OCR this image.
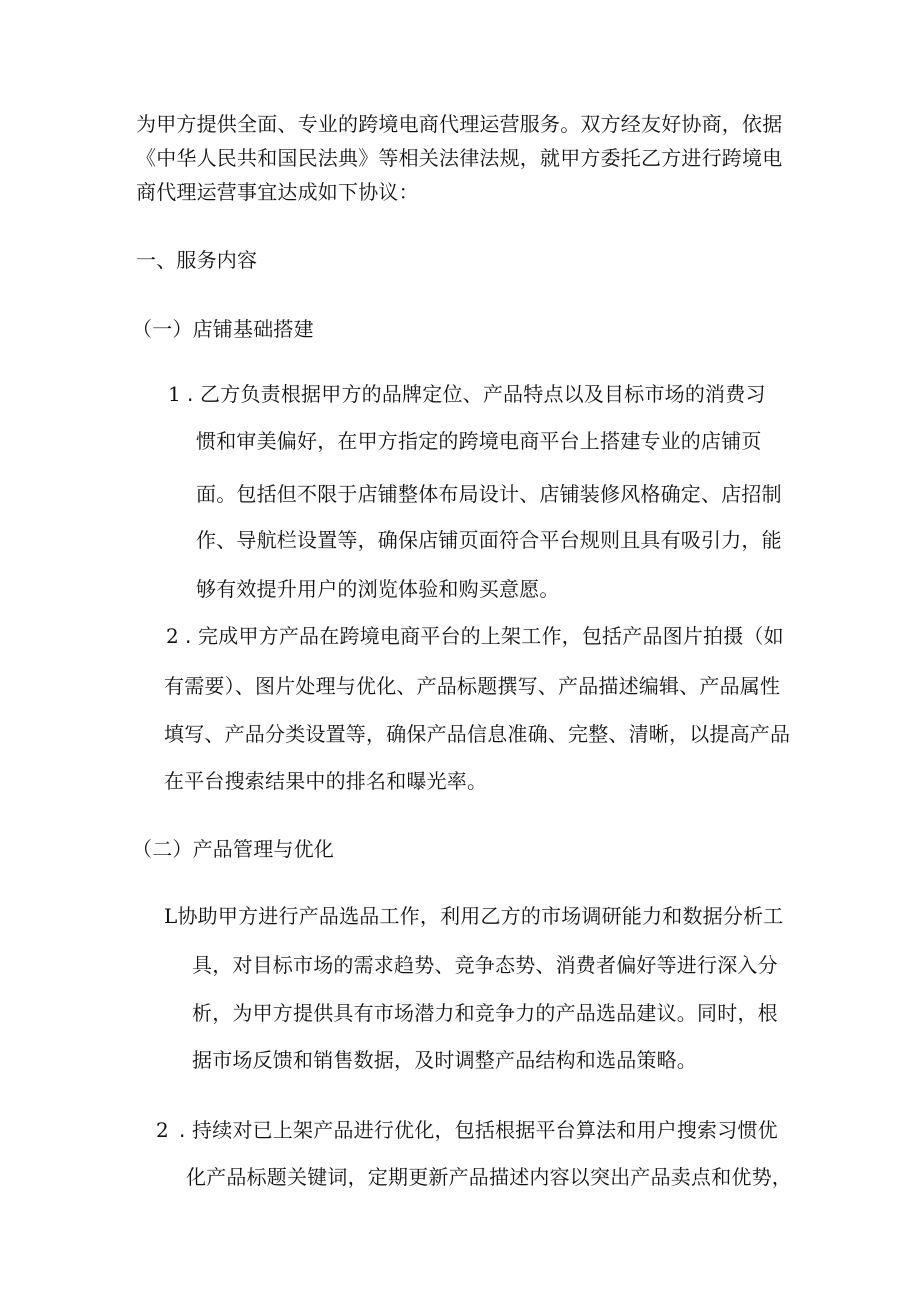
为甲方提供全面、专业的跨境电商代理运营服务。双方经友好协商，依据
《中华人民共和国民法典》等相关法律法规，就甲方委托乙方进行跨境电
商代理运营事宜达成如下协议：
一、服务内容
（一）店铺基础搭建
1 . 乙方负责根据甲方的品牌定位、产品特点以及目标市场的消费习
惯和审美偏好，在甲方指定的跨境电商平台上搭建专业的店铺页
面。包括但不限于店铺整体布局设计、店铺装修风格确定、店招制
作、导航栏设置等，确保店铺页面符合平台规则且具有吸引力，能
够有效提升用户的浏览体验和购买意愿。
2 . 完成甲方产品在跨境电商平台的上架工作，包括产品图片拍摄（如
有需要）、图片处理与优化、产品标题撰写、产品描述编辑、产品属性
填写、产品分类设置等，确保产品信息准确、完整、清晰，以提高产品
在平台搜索结果中的排名和曝光率。
（二）产品管理与优化
L协助甲方进行产品选品工作，利用乙方的市场调研能力和数据分析工
具，对目标市场的需求趋势、竞争态势、消费者偏好等进行深入分
析，为甲方提供具有市场潜力和竞争力的产品选品建议。同时，根
据市场反馈和销售数据，及时调整产品结构和选品策略。
2 . 持续对已上架产品进行优化，包括根据平台算法和用户搜索习惯优
化产品标题关键词，定期更新产品描述内容以突出产品卖点和优势，
